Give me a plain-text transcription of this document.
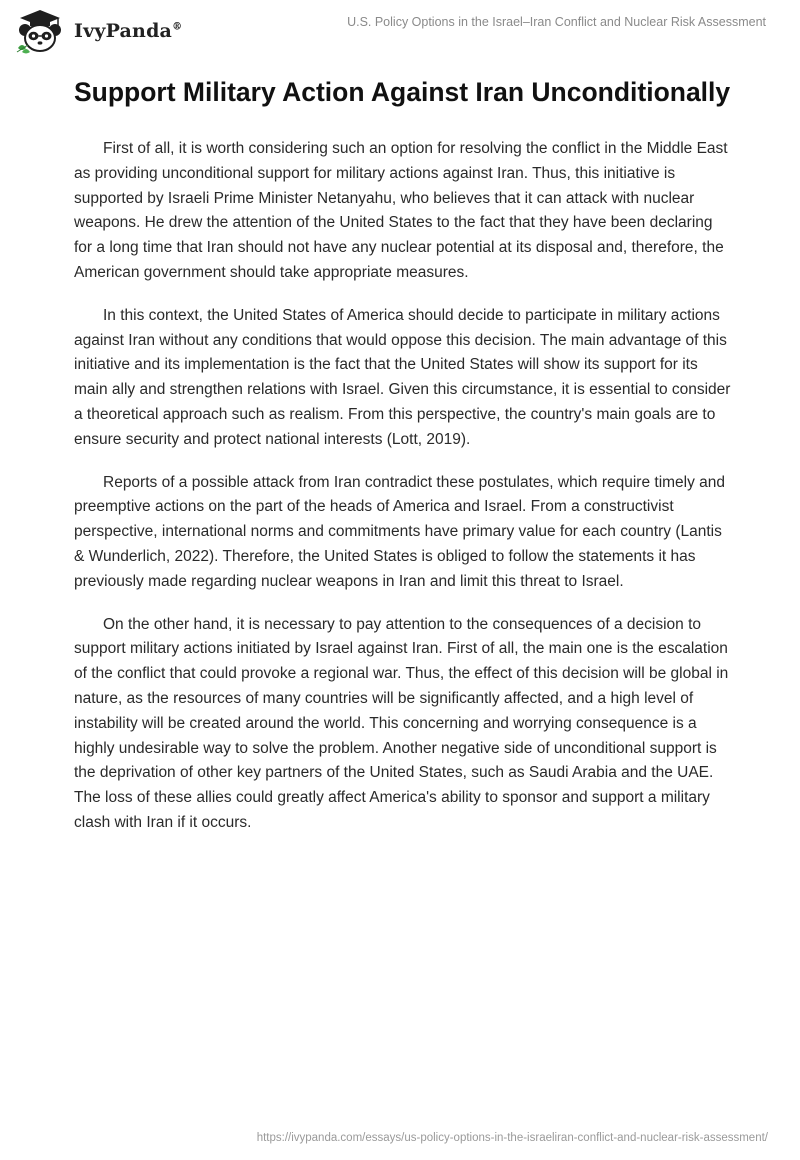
IvyPanda®	U.S. Policy Options in the Israel–Iran Conflict and Nuclear Risk Assessment
Support Military Action Against Iran Unconditionally

First of all, it is worth considering such an option for resolving the conflict in the Middle East as providing unconditional support for military actions against Iran. Thus, this initiative is supported by Israeli Prime Minister Netanyahu, who believes that it can attack with nuclear weapons. He drew the attention of the United States to the fact that they have been declaring for a long time that Iran should not have any nuclear potential at its disposal and, therefore, the American government should take appropriate measures.

In this context, the United States of America should decide to participate in military actions against Iran without any conditions that would oppose this decision. The main advantage of this initiative and its implementation is the fact that the United States will show its support for its main ally and strengthen relations with Israel. Given this circumstance, it is essential to consider a theoretical approach such as realism. From this perspective, the country's main goals are to ensure security and protect national interests (Lott, 2019).

Reports of a possible attack from Iran contradict these postulates, which require timely and preemptive actions on the part of the heads of America and Israel. From a constructivist perspective, international norms and commitments have primary value for each country (Lantis & Wunderlich, 2022). Therefore, the United States is obliged to follow the statements it has previously made regarding nuclear weapons in Iran and limit this threat to Israel.

On the other hand, it is necessary to pay attention to the consequences of a decision to support military actions initiated by Israel against Iran. First of all, the main one is the escalation of the conflict that could provoke a regional war. Thus, the effect of this decision will be global in nature, as the resources of many countries will be significantly affected, and a high level of instability will be created around the world. This concerning and worrying consequence is a highly undesirable way to solve the problem. Another negative side of unconditional support is the deprivation of other key partners of the United States, such as Saudi Arabia and the UAE. The loss of these allies could greatly affect America's ability to sponsor and support a military clash with Iran if it occurs.

https://ivypanda.com/essays/us-policy-options-in-the-israeliran-conflict-and-nuclear-risk-assessment/
